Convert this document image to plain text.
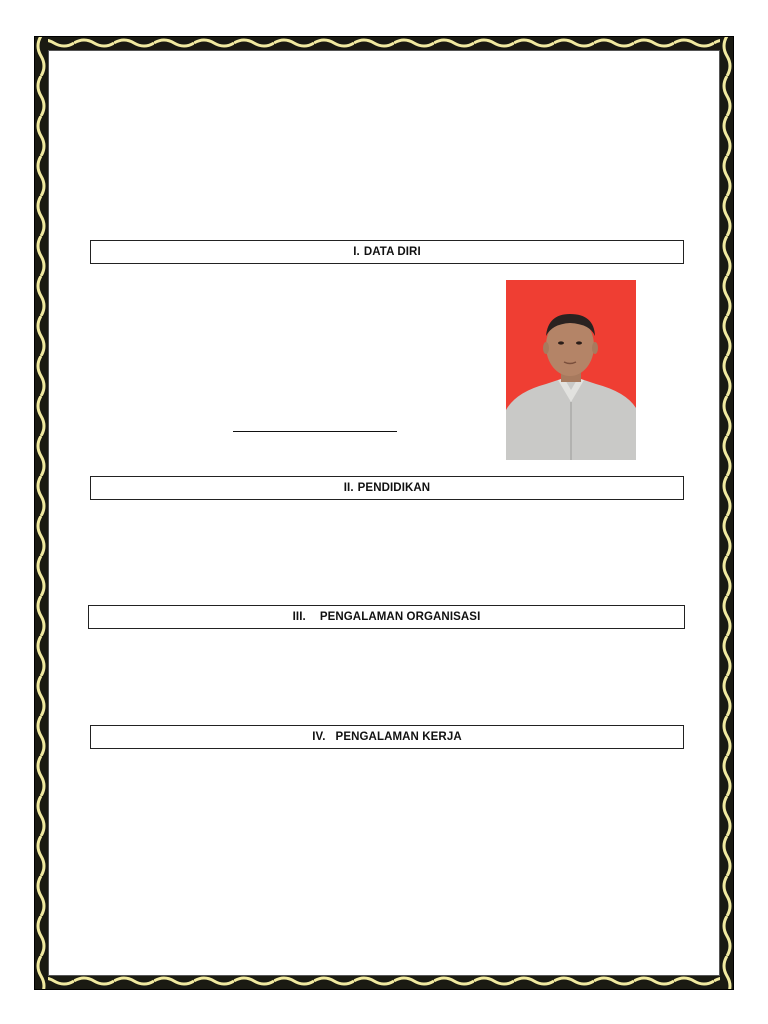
I. DATA DIRI
II. PENDIDIKAN
III. PENGALAMAN ORGANISASI
IV. PENGALAMAN KERJA
